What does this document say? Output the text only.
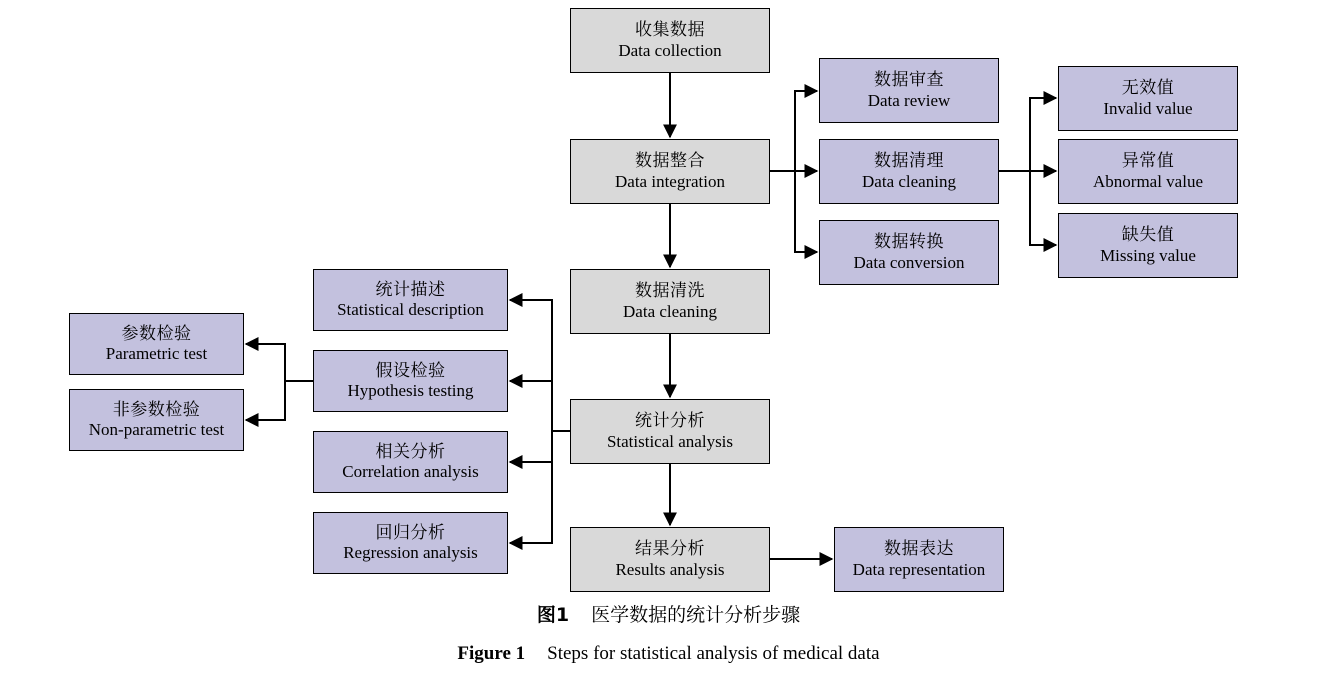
收集数据
Data collection
数据整合
Data integration
数据清洗
Data cleaning
统计分析
Statistical analysis
结果分析
Results analysis
数据审查
Data review
数据清理
Data cleaning
数据转换
Data conversion
无效值
Invalid value
异常值
Abnormal value
缺失值
Missing value
数据表达
Data representation
统计描述
Statistical description
假设检验
Hypothesis testing
相关分析
Correlation analysis
回归分析
Regression analysis
参数检验
Parametric test
非参数检验
Non-parametric test
图1 医学数据的统计分析步骤
Figure 1 Steps for statistical analysis of medical data
